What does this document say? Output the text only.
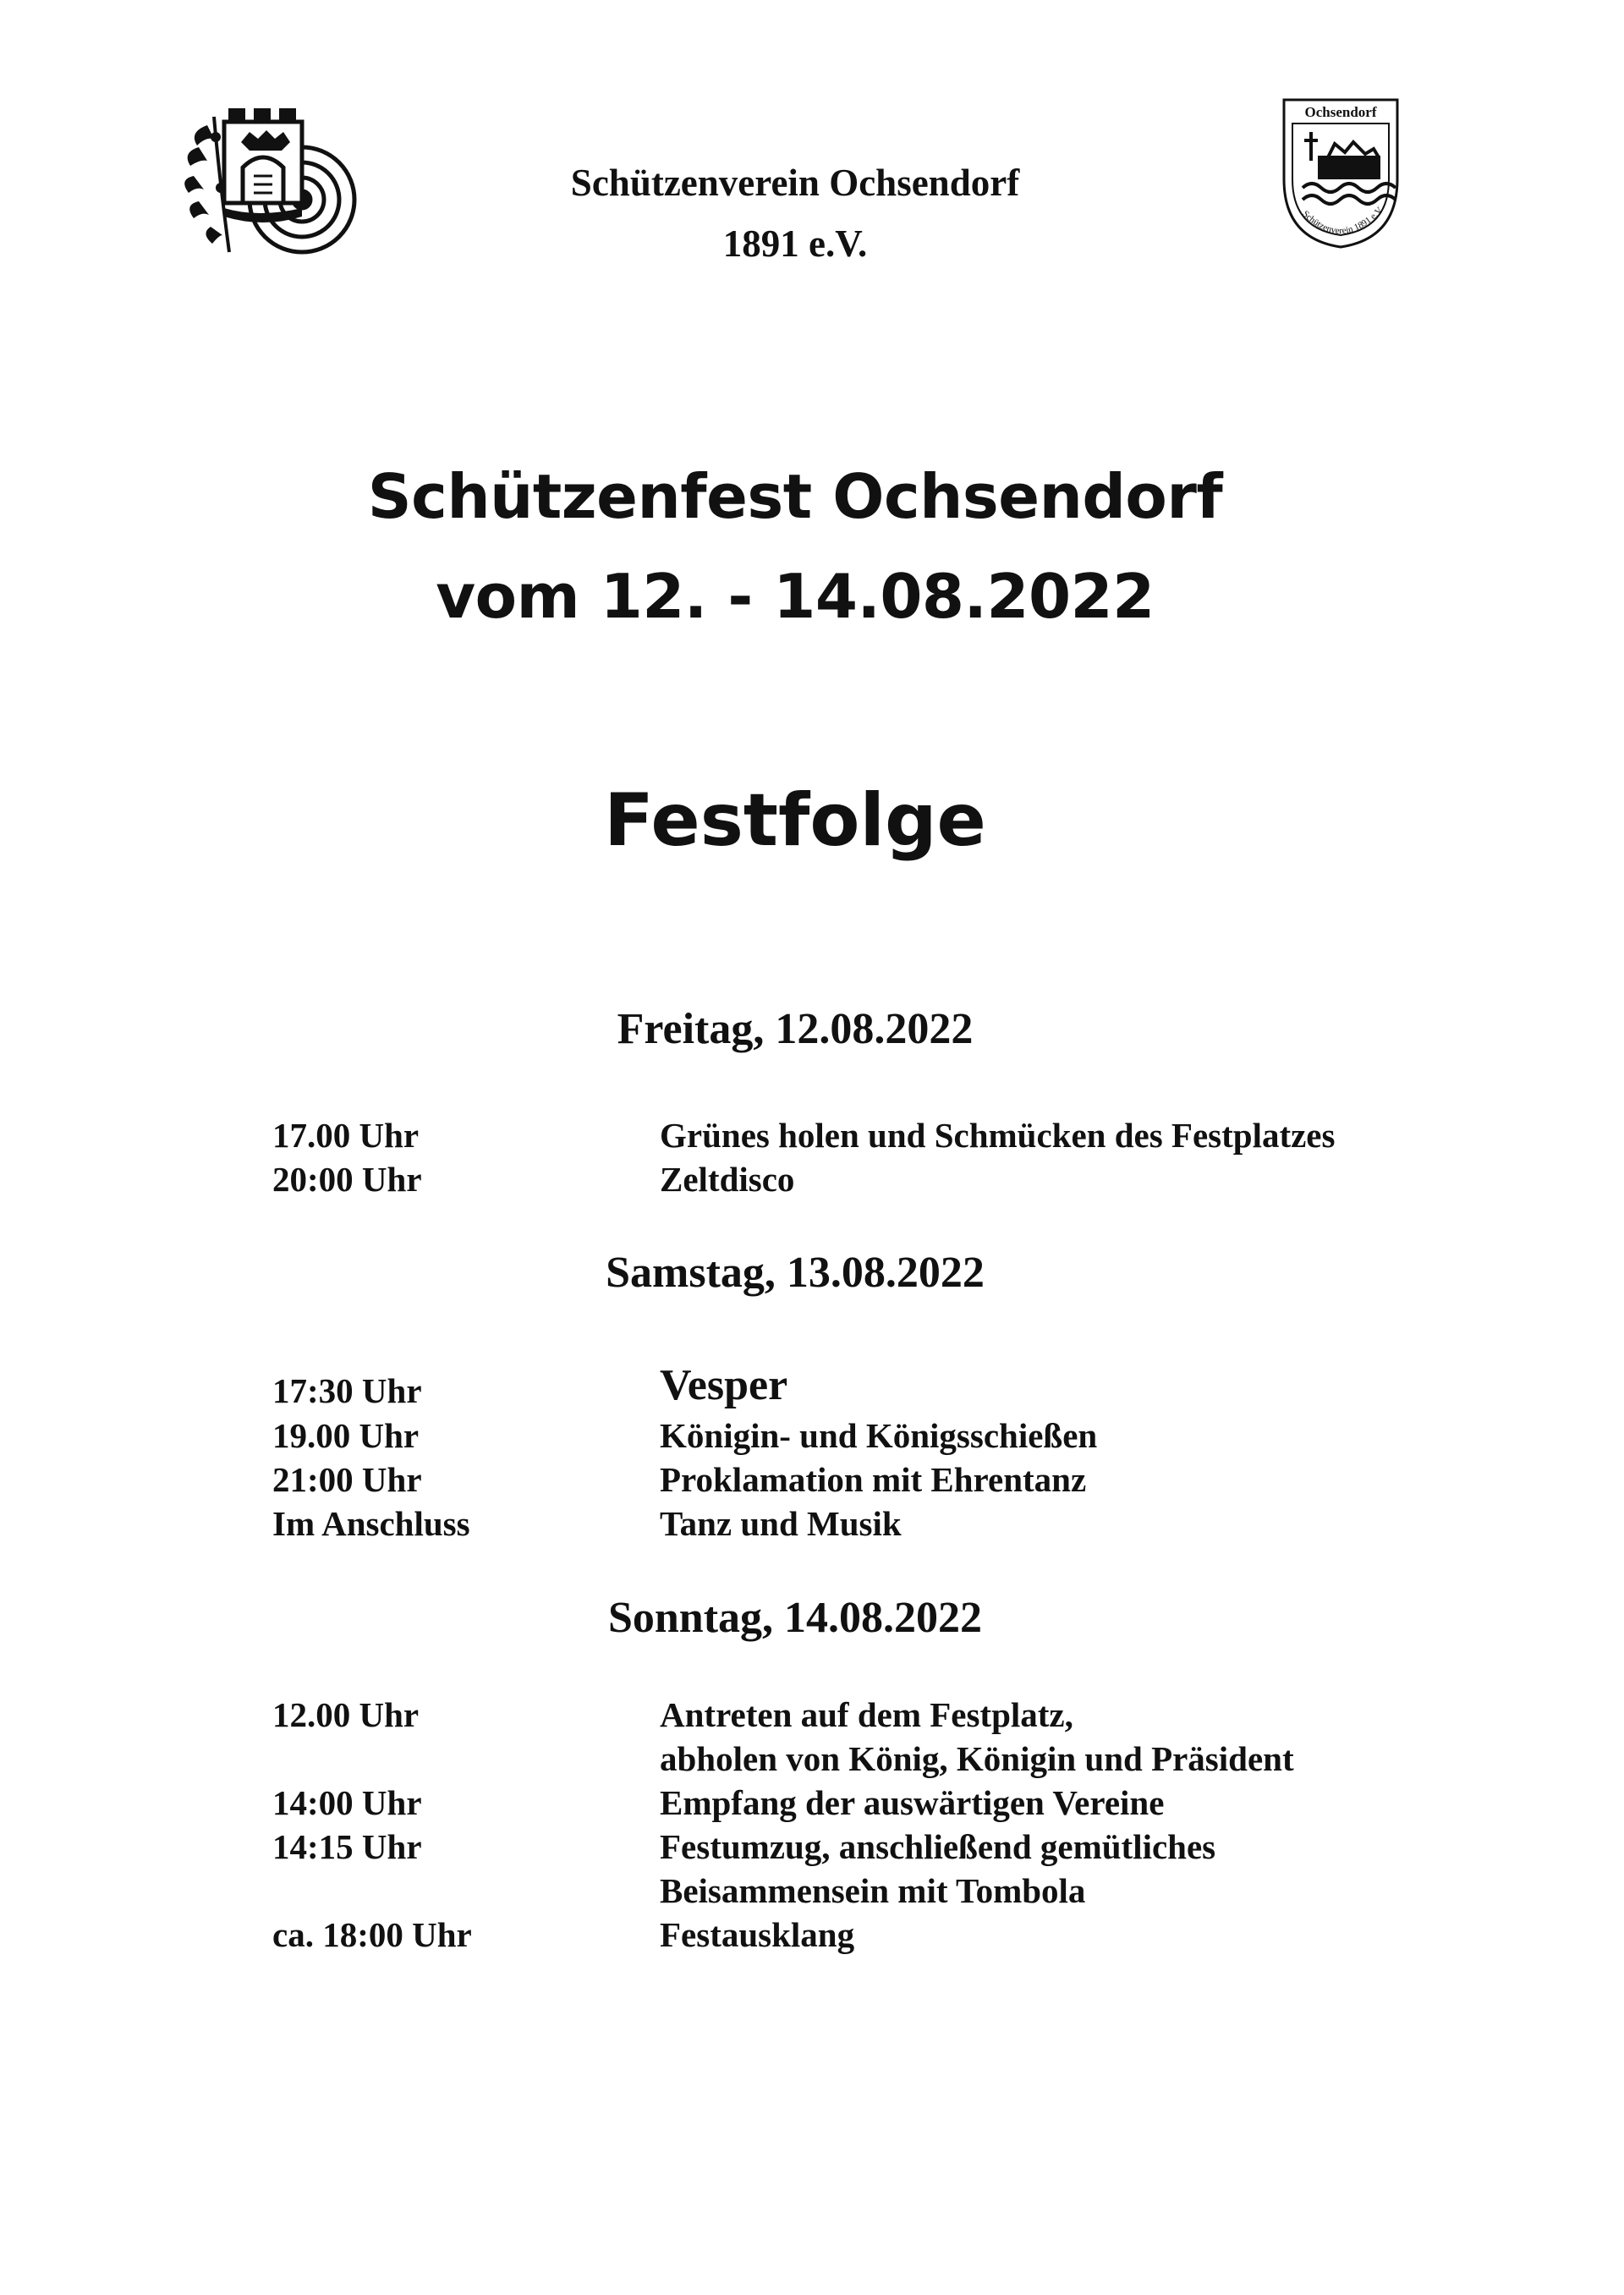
Schützenverein Ochsendorf
1891 e.V.
Ochsendorf
Schützenverein 1891 e.V
Schützenfest Ochsendorf
vom 12. - 14.08.2022
Festfolge
Freitag, 12.08.2022
17.00 Uhr	Grünes holen und Schmücken des Festplatzes
20:00 Uhr	Zeltdisco
Samstag, 13.08.2022
17:30 Uhr	Vesper
19.00 Uhr	Königin- und Königsschießen
21:00 Uhr	Proklamation mit Ehrentanz
Im Anschluss	Tanz und Musik
Sonntag, 14.08.2022
12.00 Uhr	Antreten auf dem Festplatz,
abholen von König, Königin und Präsident
14:00 Uhr	Empfang der auswärtigen Vereine
14:15 Uhr	Festumzug, anschließend gemütliches
Beisammensein mit Tombola
ca. 18:00 Uhr	Festausklang
